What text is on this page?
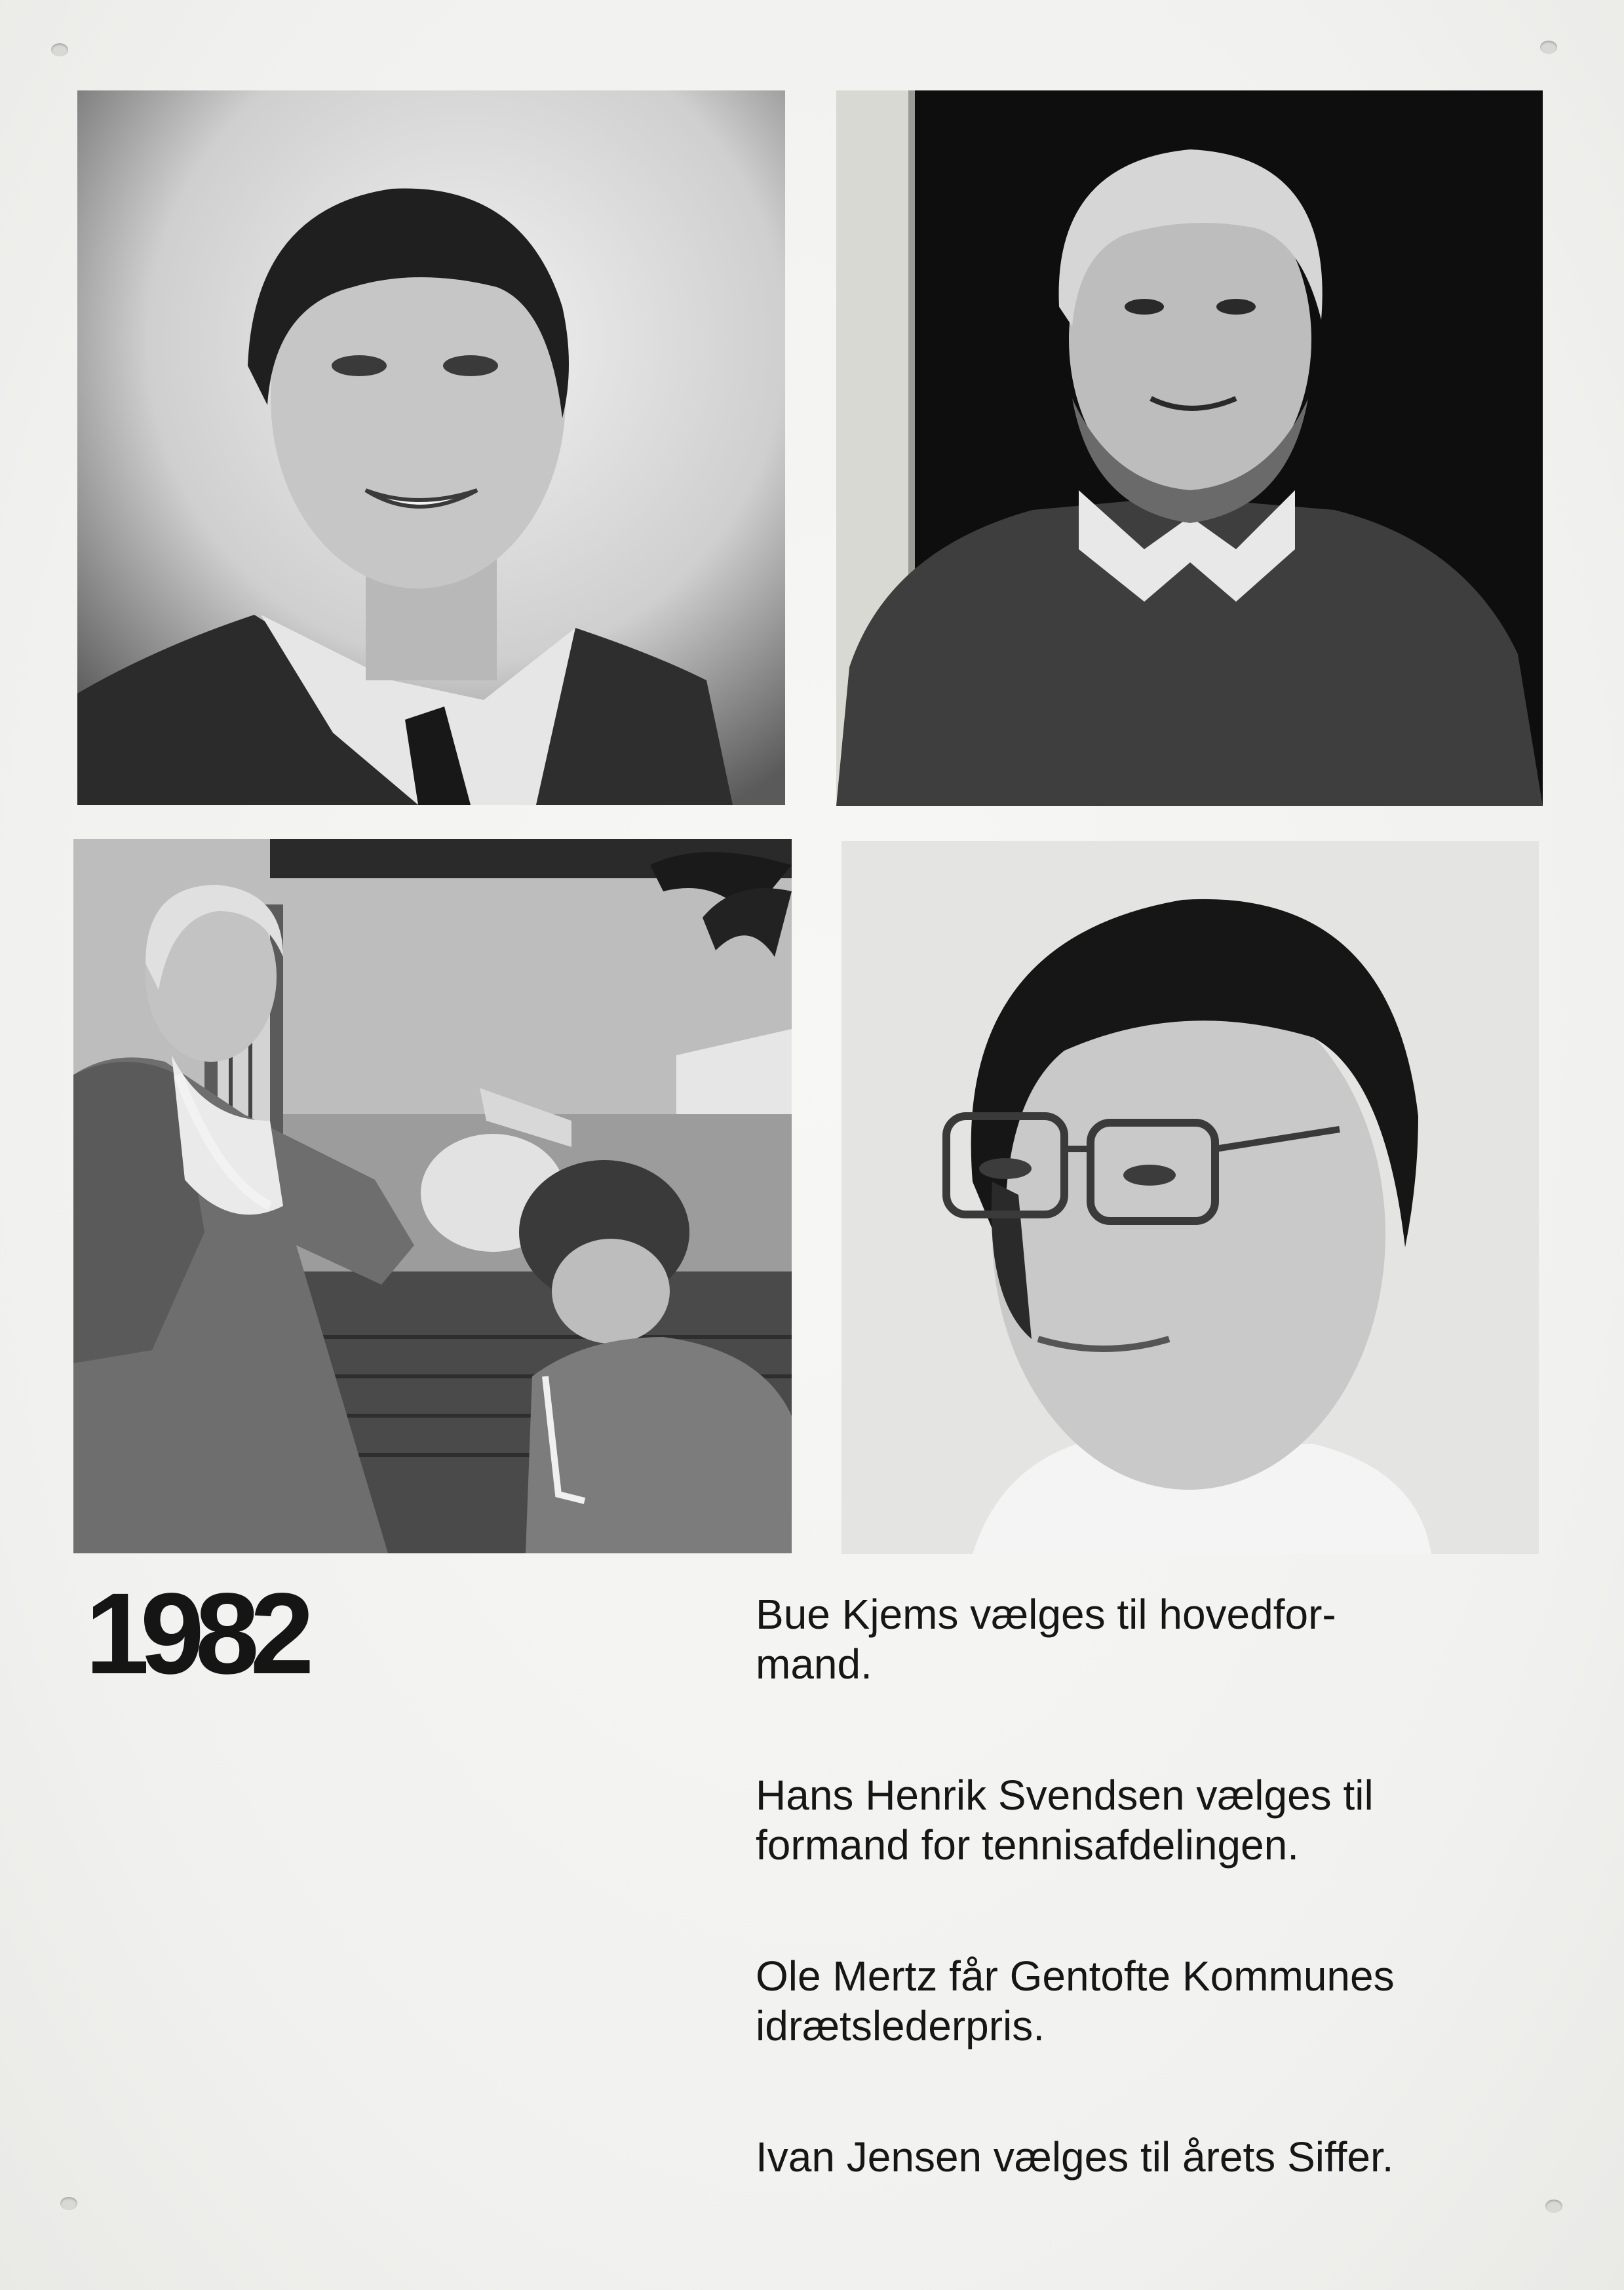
1982	Bue Kjems vælges til hovedfor-
mand.

Hans Henrik Svendsen vælges til
formand for tennisafdelingen.

Ole Mertz får Gentofte Kommunes
idrætslederpris.

Ivan Jensen vælges til årets Siffer.
